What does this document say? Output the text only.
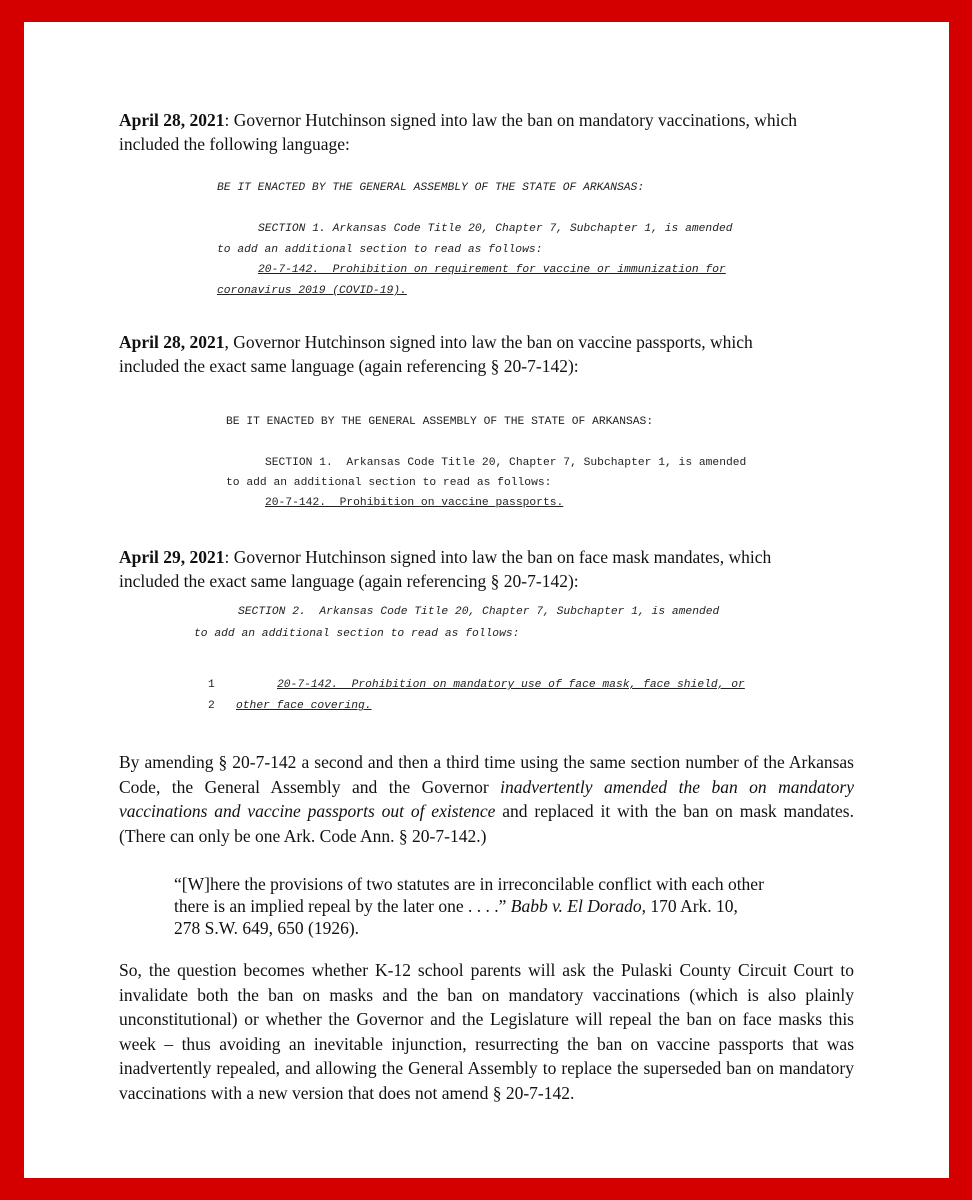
April 28, 2021: Governor Hutchinson signed into law the ban on mandatory vaccinations, which
included the following language:
BE IT ENACTED BY THE GENERAL ASSEMBLY OF THE STATE OF ARKANSAS:
SECTION 1. Arkansas Code Title 20, Chapter 7, Subchapter 1, is amended
to add an additional section to read as follows:
20-7-142.  Prohibition on requirement for vaccine or immunization for
coronavirus 2019 (COVID-19).
April 28, 2021, Governor Hutchinson signed into law the ban on vaccine passports, which
included the exact same language (again referencing § 20-7-142):
BE IT ENACTED BY THE GENERAL ASSEMBLY OF THE STATE OF ARKANSAS:
SECTION 1.  Arkansas Code Title 20, Chapter 7, Subchapter 1, is amended
to add an additional section to read as follows:
20-7-142.  Prohibition on vaccine passports.
April 29, 2021: Governor Hutchinson signed into law the ban on face mask mandates, which
included the exact same language (again referencing § 20-7-142):
SECTION 2.  Arkansas Code Title 20, Chapter 7, Subchapter 1, is amended
to add an additional section to read as follows:
1	20-7-142.  Prohibition on mandatory use of face mask, face shield, or
2 other face covering.
By amending § 20-7-142 a second and then a third time using the same section number of the Arkansas Code, the General Assembly and the Governor inadvertently amended the ban on mandatory vaccinations and vaccine passports out of existence and replaced it with the ban on mask mandates. (There can only be one Ark. Code Ann. § 20-7-142.)
“[W]here the provisions of two statutes are in irreconcilable conflict with each other
there is an implied repeal by the later one . . . .” Babb v. El Dorado, 170 Ark. 10,
278 S.W. 649, 650 (1926).
So, the question becomes whether K-12 school parents will ask the Pulaski County Circuit Court to invalidate both the ban on masks and the ban on mandatory vaccinations (which is also plainly unconstitutional) or whether the Governor and the Legislature will repeal the ban on face masks this week – thus avoiding an inevitable injunction, resurrecting the ban on vaccine passports that was inadvertently repealed, and allowing the General Assembly to replace the superseded ban on mandatory vaccinations with a new version that does not amend § 20-7-142.
